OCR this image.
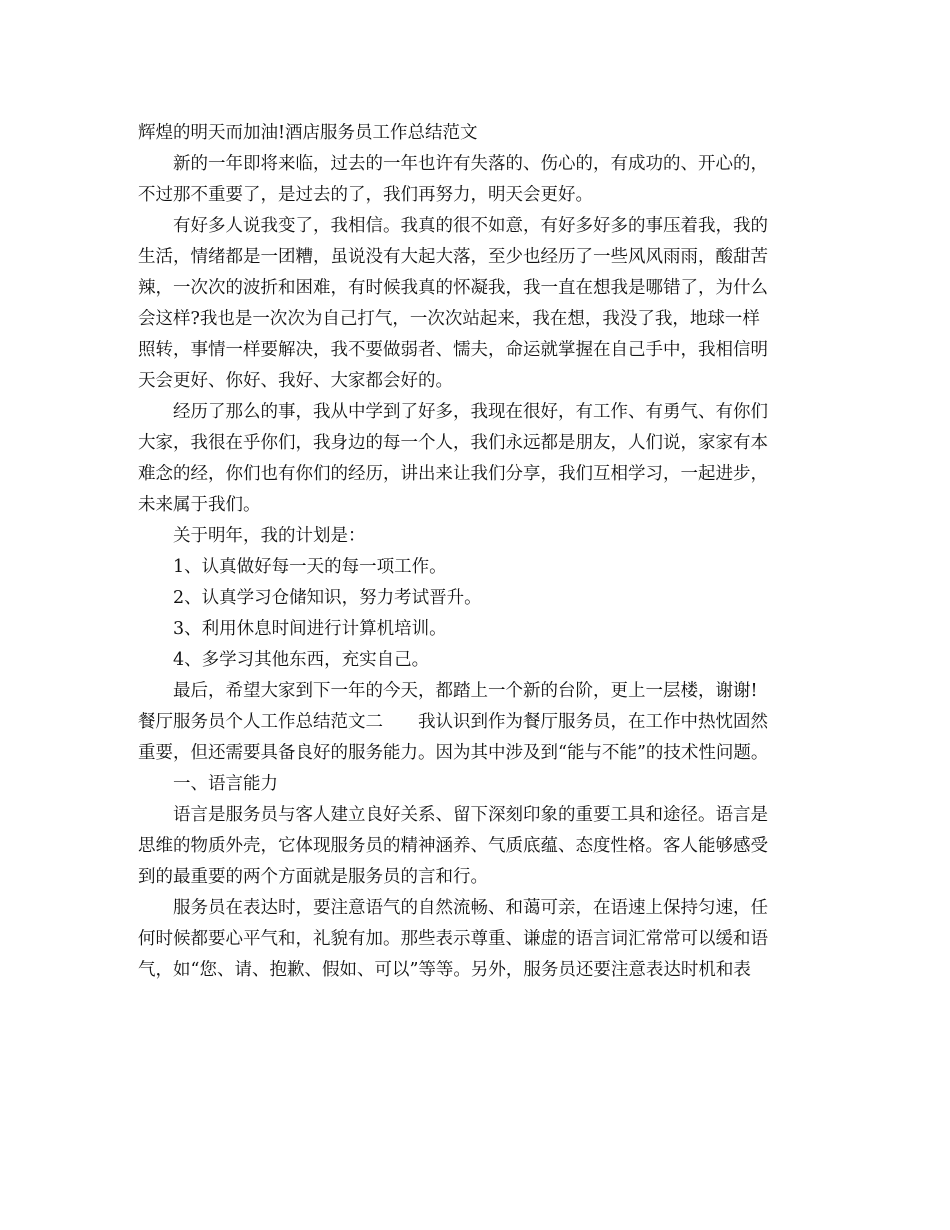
辉煌的明天而加油!酒店服务员工作总结范文
　　新的一年即将来临，过去的一年也许有失落的、伤心的，有成功的、开心的，
不过那不重要了，是过去的了，我们再努力，明天会更好。
　　有好多人说我变了，我相信。我真的很不如意，有好多好多的事压着我，我的
生活，情绪都是一团糟，虽说没有大起大落，至少也经历了一些风风雨雨，酸甜苦
辣，一次次的波折和困难，有时候我真的怀凝我，我一直在想我是哪错了，为什么
会这样?我也是一次次为自己打气，一次次站起来，我在想，我没了我，地球一样
照转，事情一样要解决，我不要做弱者、懦夫，命运就掌握在自己手中，我相信明
天会更好、你好、我好、大家都会好的。
　　经历了那么的事，我从中学到了好多，我现在很好，有工作、有勇气、有你们
大家，我很在乎你们，我身边的每一个人，我们永远都是朋友，人们说，家家有本
难念的经，你们也有你们的经历，讲出来让我们分享，我们互相学习，一起进步，
未来属于我们。
　　关于明年，我的计划是：
　　1、认真做好每一天的每一项工作。
　　2、认真学习仓储知识，努力考试晋升。
　　3、利用休息时间进行计算机培训。
　　4、多学习其他东西，充实自己。
　　最后，希望大家到下一年的今天，都踏上一个新的台阶，更上一层楼，谢谢!
餐厅服务员个人工作总结范文二　　我认识到作为餐厅服务员，在工作中热忱固然
重要，但还需要具备良好的服务能力。因为其中涉及到“能与不能”的技术性问题。
　　一、语言能力
　　语言是服务员与客人建立良好关系、留下深刻印象的重要工具和途径。语言是
思维的物质外壳，它体现服务员的精神涵养、气质底蕴、态度性格。客人能够感受
到的最重要的两个方面就是服务员的言和行。
　　服务员在表达时，要注意语气的自然流畅、和蔼可亲，在语速上保持匀速，任
何时候都要心平气和，礼貌有加。那些表示尊重、谦虚的语言词汇常常可以缓和语
气，如“您、请、抱歉、假如、可以”等等。另外，服务员还要注意表达时机和表
